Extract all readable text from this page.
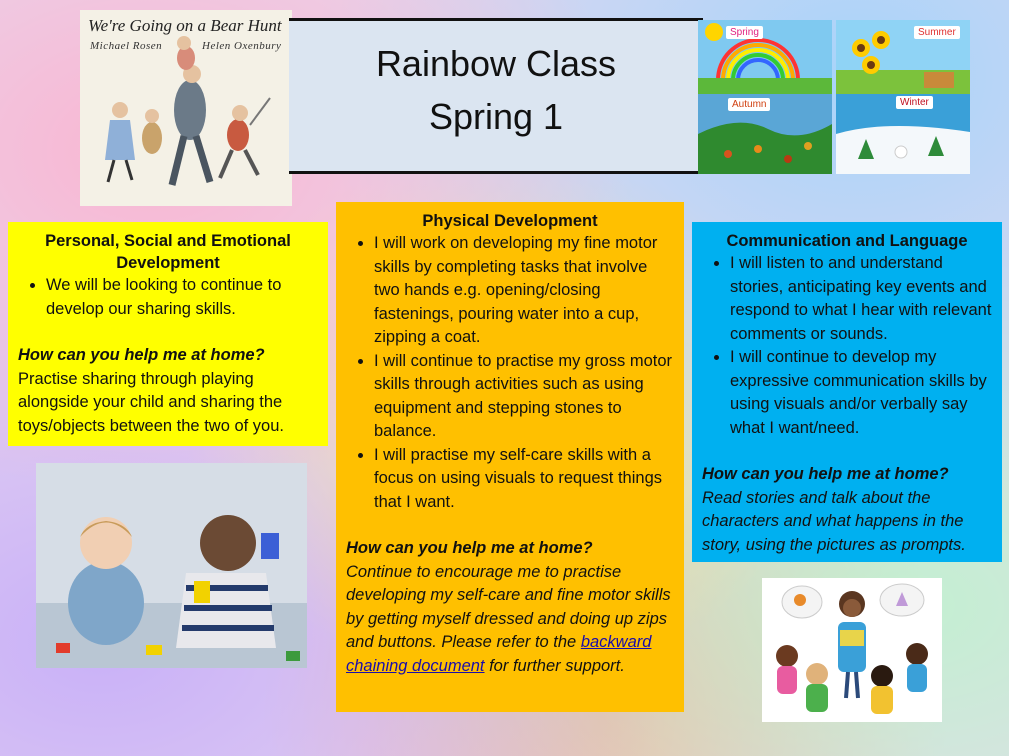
We're Going on a Bear Hunt
Michael Rosen	Helen Oxenbury	Rainbow Class
Spring 1
Spring	Summer
Autumn	Winter
Personal, Social and Emotional Development
• We will be looking to continue to develop our sharing skills.
How can you help me at home?
Practise sharing through playing alongside your child and sharing the toys/objects between the two of you.
Physical Development
• I will work on developing my fine motor skills by completing tasks that involve two hands e.g. opening/closing fastenings, pouring water into a cup, zipping a coat.
• I will continue to practise my gross motor skills through activities such as using equipment and stepping stones to balance.
• I will practise my self-care skills with a focus on using visuals to request things that I want.
How can you help me at home?
Continue to encourage me to practise developing my self-care and fine motor skills by getting myself dressed and doing up zips and buttons. Please refer to the backward chaining document for further support.
Communication and Language
• I will listen to and understand stories, anticipating key events and respond to what I hear with relevant comments or sounds.
• I will continue to develop my expressive communication skills by using visuals and/or verbally say what I want/need.
How can you help me at home?
Read stories and talk about the characters and what happens in the story, using the pictures as prompts.
